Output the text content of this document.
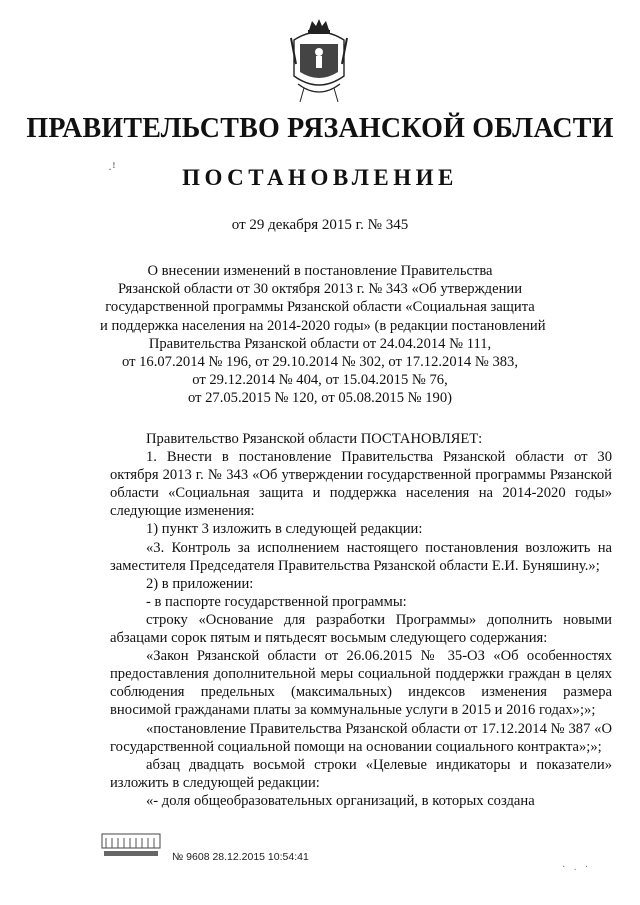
ПРАВИТЕЛЬСТВО РЯЗАНСКОЙ ОБЛАСТИ
ПОСТАНОВЛЕНИЕ
от 29 декабря 2015 г. № 345
О внесении изменений в постановление Правительства
Рязанской области от 30 октября 2013 г. № 343 «Об утверждении
государственной программы Рязанской области «Социальная защита
и поддержка населения на 2014-2020 годы» (в редакции постановлений
Правительства Рязанской области от 24.04.2014 № 111,
от 16.07.2014 № 196, от 29.10.2014 № 302, от 17.12.2014 № 383,
от 29.12.2014 № 404, от 15.04.2015 № 76,
от 27.05.2015 № 120, от 05.08.2015 № 190)

Правительство Рязанской области ПОСТАНОВЛЯЕТ:

1. Внести в постановление Правительства Рязанской области от 30 октября 2013 г. № 343 «Об утверждении государственной программы Рязанской области «Социальная защита и поддержка населения на 2014-2020 годы» следующие изменения:

1) пункт 3 изложить в следующей редакции:

«3. Контроль за исполнением настоящего постановления возложить на заместителя Председателя Правительства Рязанской области Е.И. Буняшину.»;

2) в приложении:

- в паспорте государственной программы:

строку «Основание для разработки Программы» дополнить новыми абзацами сорок пятым и пятьдесят восьмым следующего содержания:

«Закон Рязанской области от 26.06.2015 № 35-ОЗ «Об особенностях предоставления дополнительной меры социальной поддержки граждан в целях соблюдения предельных (максимальных) индексов изменения размера вносимой гражданами платы за коммунальные услуги в 2015 и 2016 годах»;»;

«постановление Правительства Рязанской области от 17.12.2014 № 387 «О государственной социальной помощи на основании социального контракта»;»;

абзац двадцать восьмой строки «Целевые индикаторы и показатели» изложить в следующей редакции:

«- доля общеобразовательных организаций, в которых создана

·ꜝ
· . ·
№ 9608 28.12.2015 10:54:41
